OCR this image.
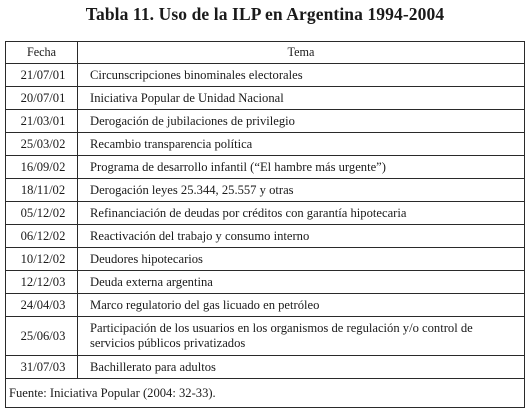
Tabla 11. Uso de la ILP en Argentina 1994-2004
Fecha	Tema
21/07/01	Circunscripciones binominales electorales
20/07/01	Iniciativa Popular de Unidad Nacional
21/03/01	Derogación de jubilaciones de privilegio
25/03/02	Recambio transparencia política
16/09/02	Programa de desarrollo infantil (“El hambre más urgente”)
18/11/02	Derogación leyes 25.344, 25.557 y otras
05/12/02	Refinanciación de deudas por créditos con garantía hipotecaria
06/12/02	Reactivación del trabajo y consumo interno
10/12/02	Deudores hipotecarios
12/12/03	Deuda externa argentina
24/04/03	Marco regulatorio del gas licuado en petróleo
25/06/03	Participación de los usuarios en los organismos de regulación y/o control de servicios públicos privatizados
31/07/03	Bachillerato para adultos
Fuente: Iniciativa Popular (2004: 32-33).	
